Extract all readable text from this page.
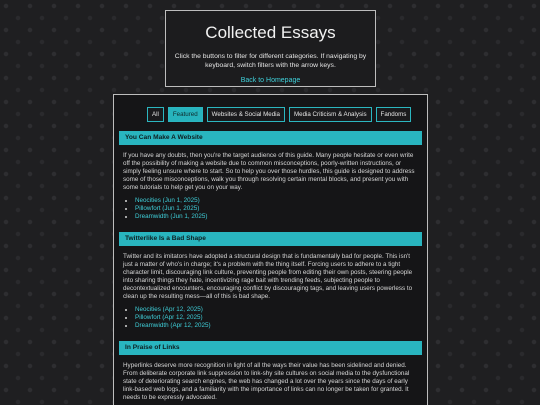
Collected Essays

Click the buttons to filter for different categories. If navigating by keyboard, switch filters with the arrow keys.

Back to Homepage
All	Featured	Websites & Social Media	Media Criticism & Analysis	Fandoms
You Can Make A Website

If you have any doubts, then you're the target audience of this guide. Many people hesitate or even write off the possibility of making a website due to common misconceptions, poorly-written instructions, or simply feeling unsure where to start. So to help you over those hurdles, this guide is designed to address some of those misconceptions, walk you through resolving certain mental blocks, and present you with some tutorials to help get you on your way.

• Neocities (Jun 1, 2025)
• Pillowfort (Jun 1, 2025)
• Dreamwidth (Jun 1, 2025)
Twitterlike Is a Bad Shape

Twitter and its imitators have adopted a structural design that is fundamentally bad for people. This isn't just a matter of who's in charge; it's a problem with the thing itself. Forcing users to adhere to a tight character limit, discouraging link culture, preventing people from editing their own posts, steering people into sharing things they hate, incentivizing rage bait with trending feeds, subjecting people to decontextualized encounters, encouraging conflict by discouraging tags, and leaving users powerless to clean up the resulting mess—all of this is bad shape.

• Neocities (Apr 12, 2025)
• Pillowfort (Apr 12, 2025)
• Dreamwidth (Apr 12, 2025)
In Praise of Links

Hyperlinks deserve more recognition in light of all the ways their value has been sidelined and denied. From deliberate corporate link suppression to link-shy site cultures on social media to the dysfunctional state of deteriorating search engines, the web has changed a lot over the years since the days of early link-based web logs, and a familiarity with the importance of links can no longer be taken for granted. It needs to be expressly advocated.
